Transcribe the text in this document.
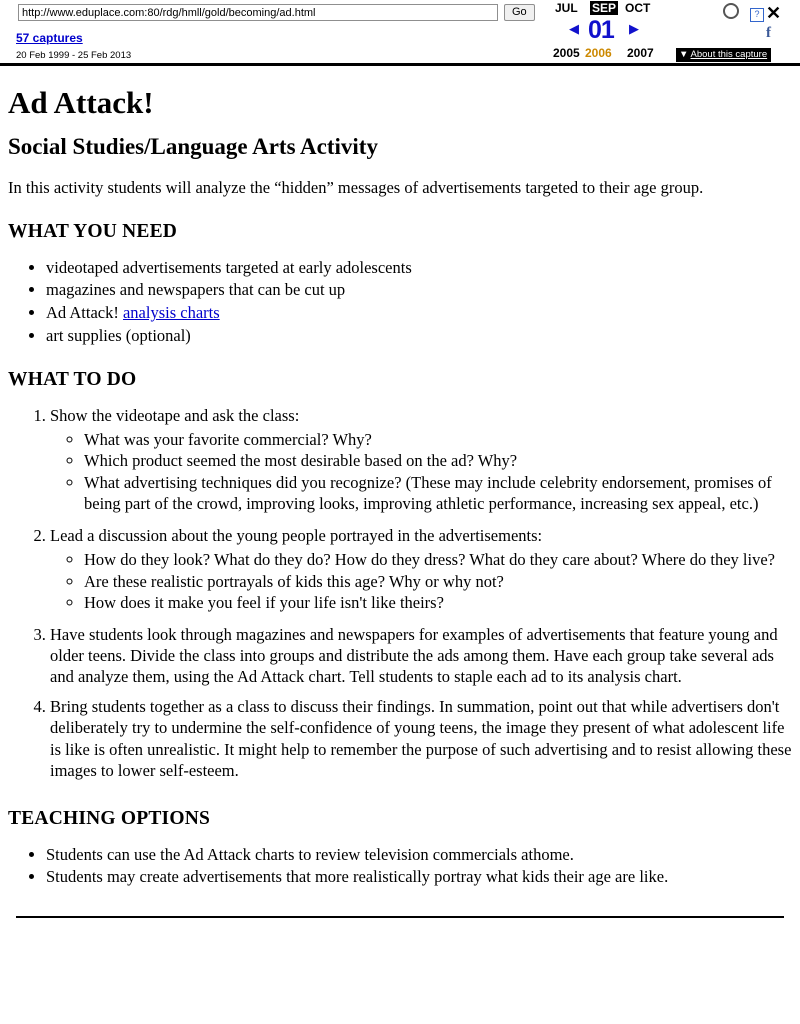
http://www.eduplace.com:80/rdg/hmll/gold/becoming/ad.html
Go
57 captures
20 Feb 1999 - 25 Feb 2013
JUL SEP OCT
◀ 01 ▶
2005 2006 2007	▼ About this capture
?
f
✕
Ad Attack!
Social Studies/Language Arts Activity

In this activity students will analyze the “hidden” messages of advertisements targeted to their age group.

WHAT YOU NEED
• videotaped advertisements targeted at early adolescents
• magazines and newspapers that can be cut up
• Ad Attack! analysis charts
• art supplies (optional)
WHAT TO DO
1. Show the videotape and ask the class:
◦ What was your favorite commercial? Why?
◦ Which product seemed the most desirable based on the ad? Why?
◦ What advertising techniques did you recognize? (These may include celebrity endorsement, promises of being part of the crowd, improving looks, improving athletic performance, increasing sex appeal, etc.)
2. Lead a discussion about the young people portrayed in the advertisements:
◦ How do they look? What do they do? How do they dress? What do they care about? Where do they live?
◦ Are these realistic portrayals of kids this age? Why or why not?
◦ How does it make you feel if your life isn't like theirs?
3. Have students look through magazines and newspapers for examples of advertisements that feature young and older teens. Divide the class into groups and distribute the ads among them. Have each group take several ads and analyze them, using the Ad Attack chart. Tell students to staple each ad to its analysis chart.
4. Bring students together as a class to discuss their findings. In summation, point out that while advertisers don't deliberately try to undermine the self-confidence of young teens, the image they present of what adolescent life is like is often unrealistic. It might help to remember the purpose of such advertising and to resist allowing these images to lower self-esteem.
TEACHING OPTIONS
• Students can use the Ad Attack charts to review television commercials athome.
• Students may create advertisements that more realistically portray what kids their age are like.
